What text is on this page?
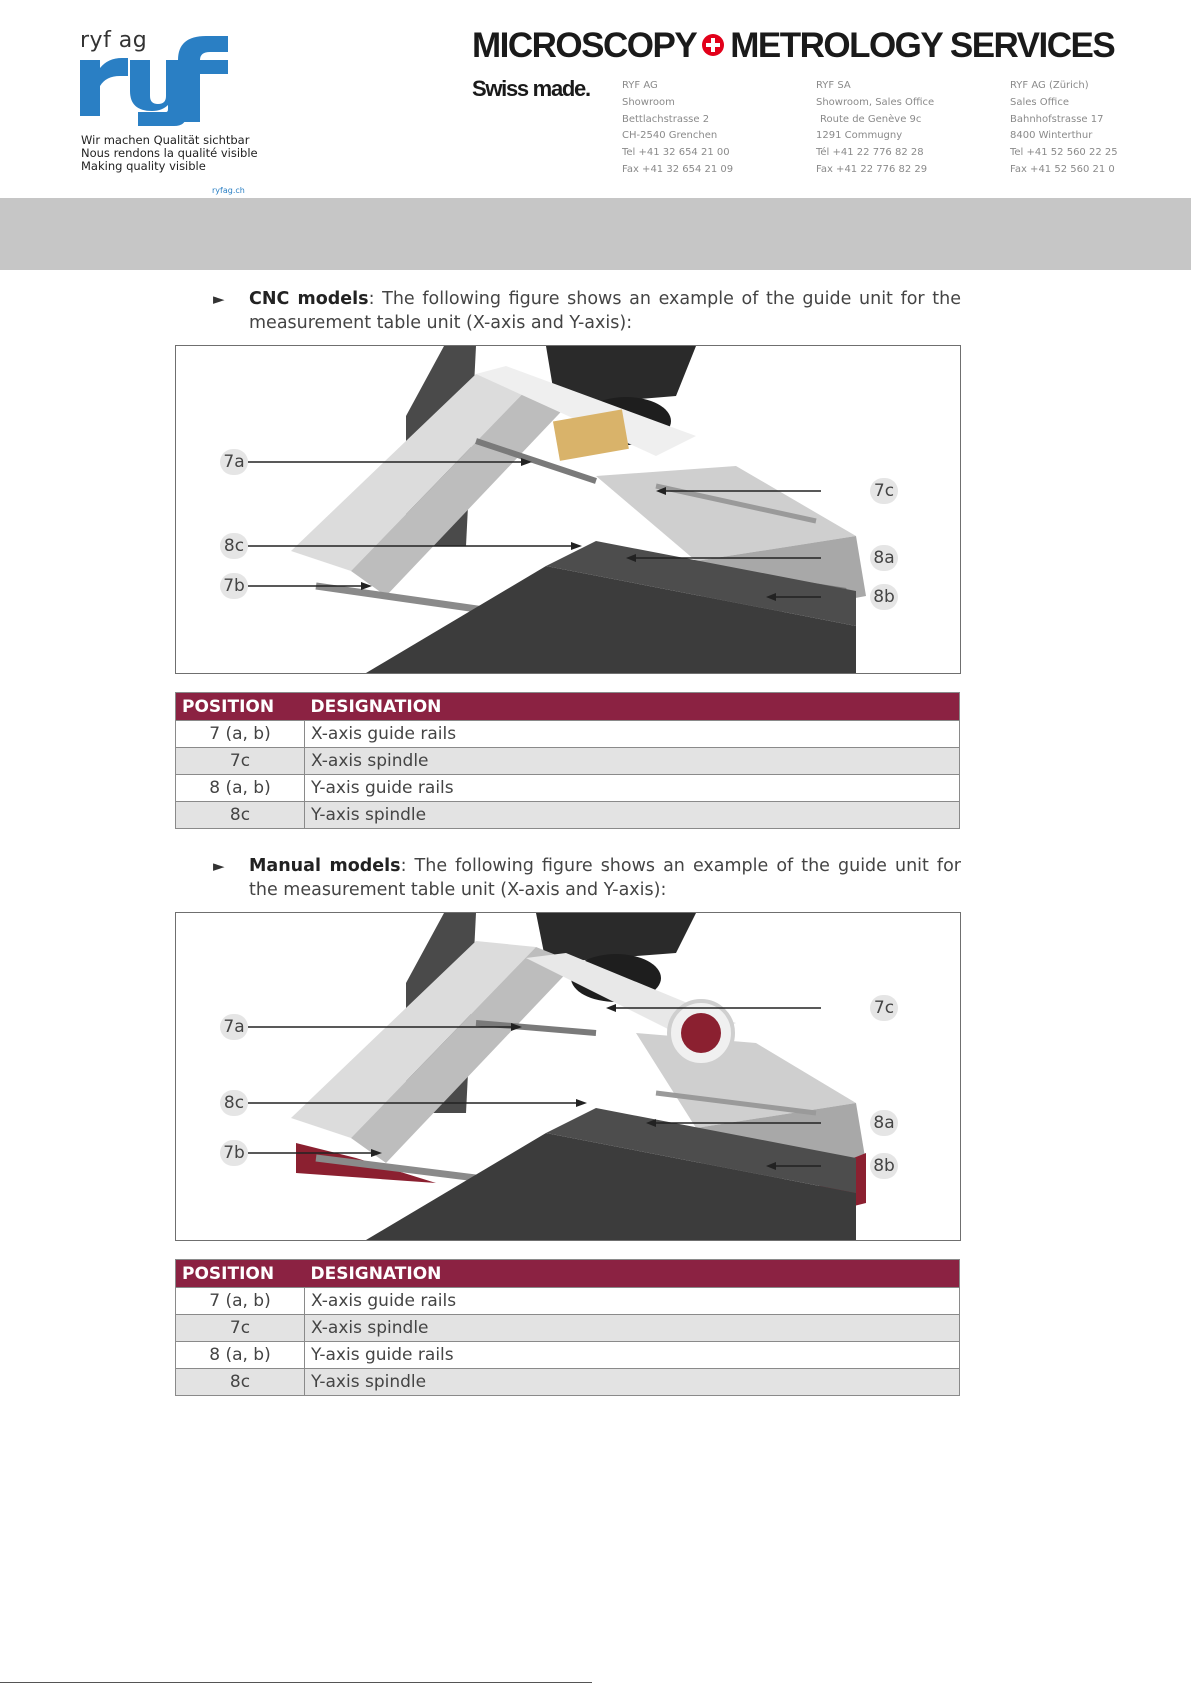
ryf ag
Wir machen Qualität sichtbar
Nous rendons la qualité visible
Making quality visible
ryfag.ch
MICROSCOPY METROLOGY SERVICES
Swiss made.	RYF AG
Showroom
Bettlachstrasse 2
CH-2540 Grenchen
Tel +41 32 654 21 00
Fax +41 32 654 21 09
RYF SA
Showroom, Sales Office
Route de Genève 9c
1291 Commugny
Tél +41 22 776 82 28
Fax +41 22 776 82 29
RYF AG (Zürich)
Sales Office
Bahnhofstrasse 17
8400 Winterthur
Tel +41 52 560 22 25
Fax +41 52 560 21 0
► CNC models: The following figure shows an example of the guide unit for the measurement table unit (X-axis and Y-axis):
7a
7c
8c
8a
7b
8b
POSITION	DESIGNATION
7 (a, b)	X-axis guide rails
7c	X-axis spindle
8 (a, b)	Y-axis guide rails
8c	Y-axis spindle
► Manual models: The following figure shows an example of the guide unit for the measurement table unit (X-axis and Y-axis):
7c
7a
8c
8a
7b
8b
POSITION	DESIGNATION
7 (a, b)	X-axis guide rails
7c	X-axis spindle
8 (a, b)	Y-axis guide rails
8c	Y-axis spindle
